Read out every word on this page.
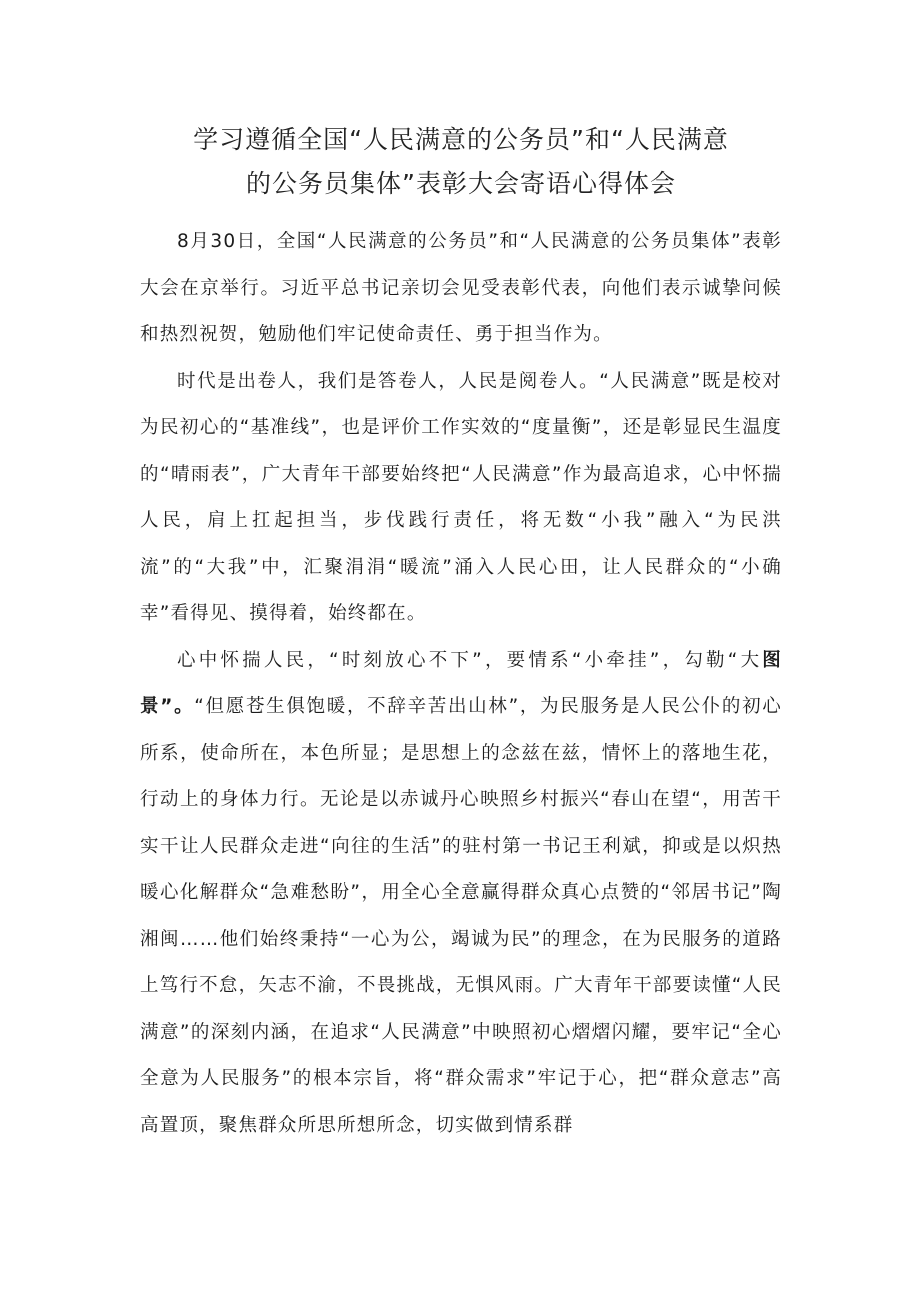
学习遵循全国“人民满意的公务员”和“人民满意
的公务员集体”表彰大会寄语心得体会

8月30日，全国“人民满意的公务员”和“人民满意的公务员集体”表彰大会在京举行。习近平总书记亲切会见受表彰代表，向他们表示诚挚问候和热烈祝贺，勉励他们牢记使命责任、勇于担当作为。

时代是出卷人，我们是答卷人，人民是阅卷人。“人民满意”既是校对为民初心的“基准线”，也是评价工作实效的“度量衡”，还是彰显民生温度的“晴雨表”，广大青年干部要始终把“人民满意”作为最高追求，心中怀揣人民，肩上扛起担当，步伐践行责任，将无数“小我”融入“为民洪流”的“大我”中，汇聚涓涓“暖流”涌入人民心田，让人民群众的“小确幸”看得见、摸得着，始终都在。

心中怀揣人民，“时刻放心不下”，要情系“小牵挂”，勾勒“大图景”。“但愿苍生俱饱暖，不辞辛苦出山林”，为民服务是人民公仆的初心所系，使命所在，本色所显；是思想上的念兹在兹，情怀上的落地生花，行动上的身体力行。无论是以赤诚丹心映照乡村振兴“春山在望“，用苦干实干让人民群众走进“向往的生活”的驻村第一书记王利斌，抑或是以炽热暖心化解群众“急难愁盼”，用全心全意赢得群众真心点赞的“邻居书记”陶湘闽……他们始终秉持“一心为公，竭诚为民”的理念，在为民服务的道路上笃行不怠，矢志不渝，不畏挑战，无惧风雨。广大青年干部要读懂“人民满意”的深刻内涵，在追求“人民满意”中映照初心熠熠闪耀，要牢记“全心全意为人民服务”的根本宗旨，将“群众需求”牢记于心，把“群众意志”高高置顶，聚焦群众所思所想所念，切实做到情系群
